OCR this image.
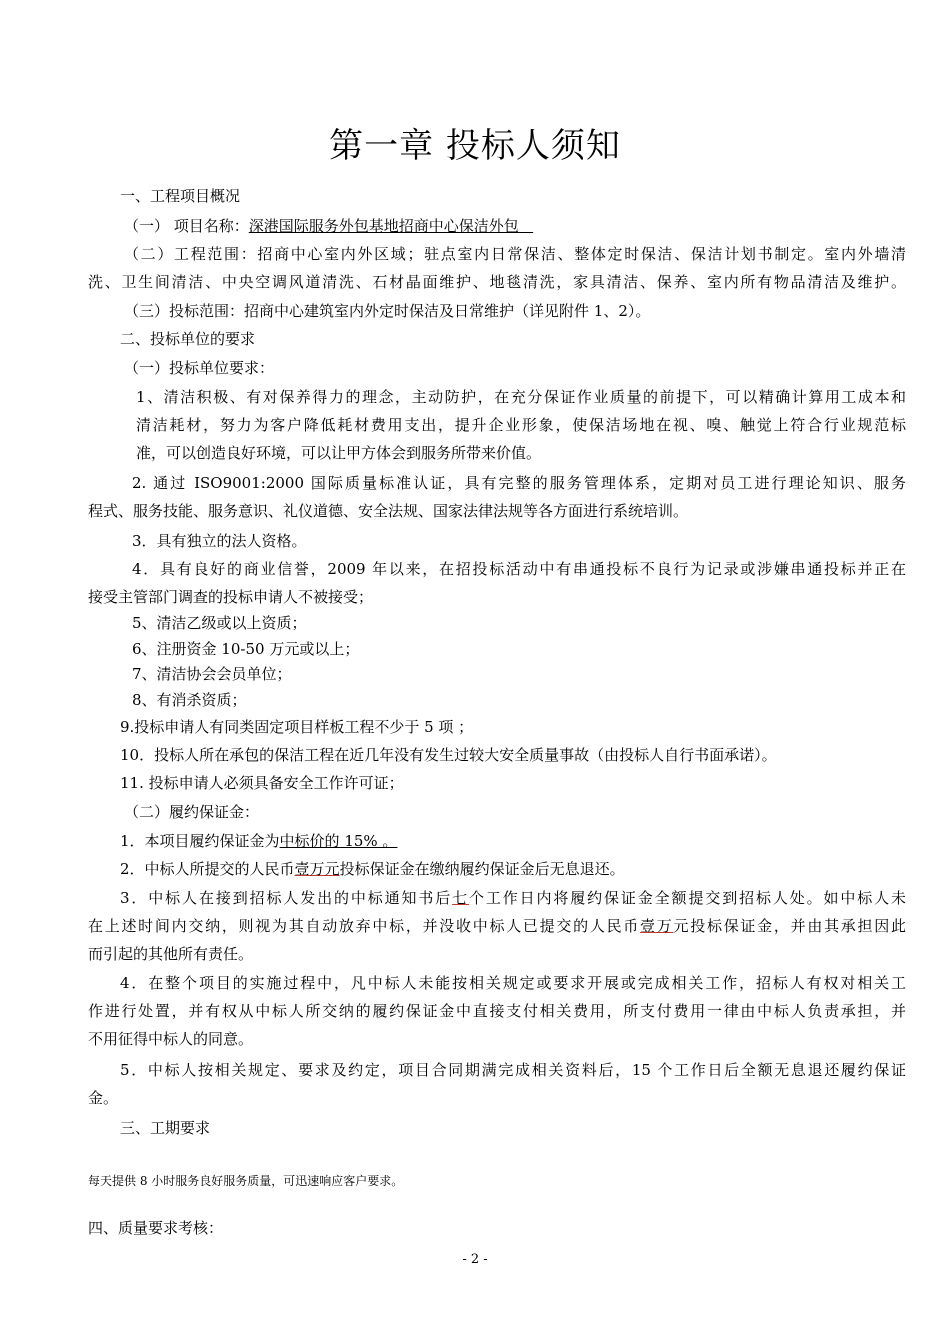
第一章 投标人须知
一、工程项目概况
（一） 项目名称：深港国际服务外包基地招商中心保洁外包
（二）工程范围：招商中心室内外区域；驻点室内日常保洁、整体定时保洁、保洁计划书制定。室内外墙清
洗、卫生间清洁、中央空调风道清洗、石材晶面维护、地毯清洗，家具清洁、保养、室内所有物品清洁及维护。
（三）投标范围：招商中心建筑室内外定时保洁及日常维护（详见附件 1、2）。
二、投标单位的要求
（一）投标单位要求：
1、清洁积极、有对保养得力的理念，主动防护，在充分保证作业质量的前提下，可以精确计算用工成本和
清洁耗材，努力为客户降低耗材费用支出，提升企业形象，使保洁场地在视、嗅、触觉上符合行业规范标
准，可以创造良好环境，可以让甲方体会到服务所带来价值。
2. 通过 ISO9001:2000 国际质量标准认证，具有完整的服务管理体系，定期对员工进行理论知识、服务
程式、服务技能、服务意识、礼仪道德、安全法规、国家法律法规等各方面进行系统培训。
3．具有独立的法人资格。
4．具有良好的商业信誉，2009 年以来，在招投标活动中有串通投标不良行为记录或涉嫌串通投标并正在
接受主管部门调查的投标申请人不被接受；
5、清洁乙级或以上资质；
6、注册资金 10-50 万元或以上；
7、清洁协会会员单位；
8、有消杀资质；
9.投标申请人有同类固定项目样板工程不少于 5 项 ；
10．投标人所在承包的保洁工程在近几年没有发生过较大安全质量事故（由投标人自行书面承诺）。
11. 投标申请人必须具备安全工作许可证；
（二）履约保证金：
1．本项目履约保证金为中标价的 15% 。
2．中标人所提交的人民币壹万元投标保证金在缴纳履约保证金后无息退还。
3．中标人在接到招标人发出的中标通知书后七个工作日内将履约保证金全额提交到招标人处。如中标人未
在上述时间内交纳，则视为其自动放弃中标，并没收中标人已提交的人民币壹万元投标保证金，并由其承担因此
而引起的其他所有责任。
4．在整个项目的实施过程中，凡中标人未能按相关规定或要求开展或完成相关工作，招标人有权对相关工
作进行处置，并有权从中标人所交纳的履约保证金中直接支付相关费用，所支付费用一律由中标人负责承担，并
不用征得中标人的同意。
5．中标人按相关规定、要求及约定，项目合同期满完成相关资料后，15 个工作日后全额无息退还履约保证
金。
三、工期要求
每天提供 8 小时服务良好服务质量，可迅速响应客户要求。
四、质量要求考核：
- 2 -
